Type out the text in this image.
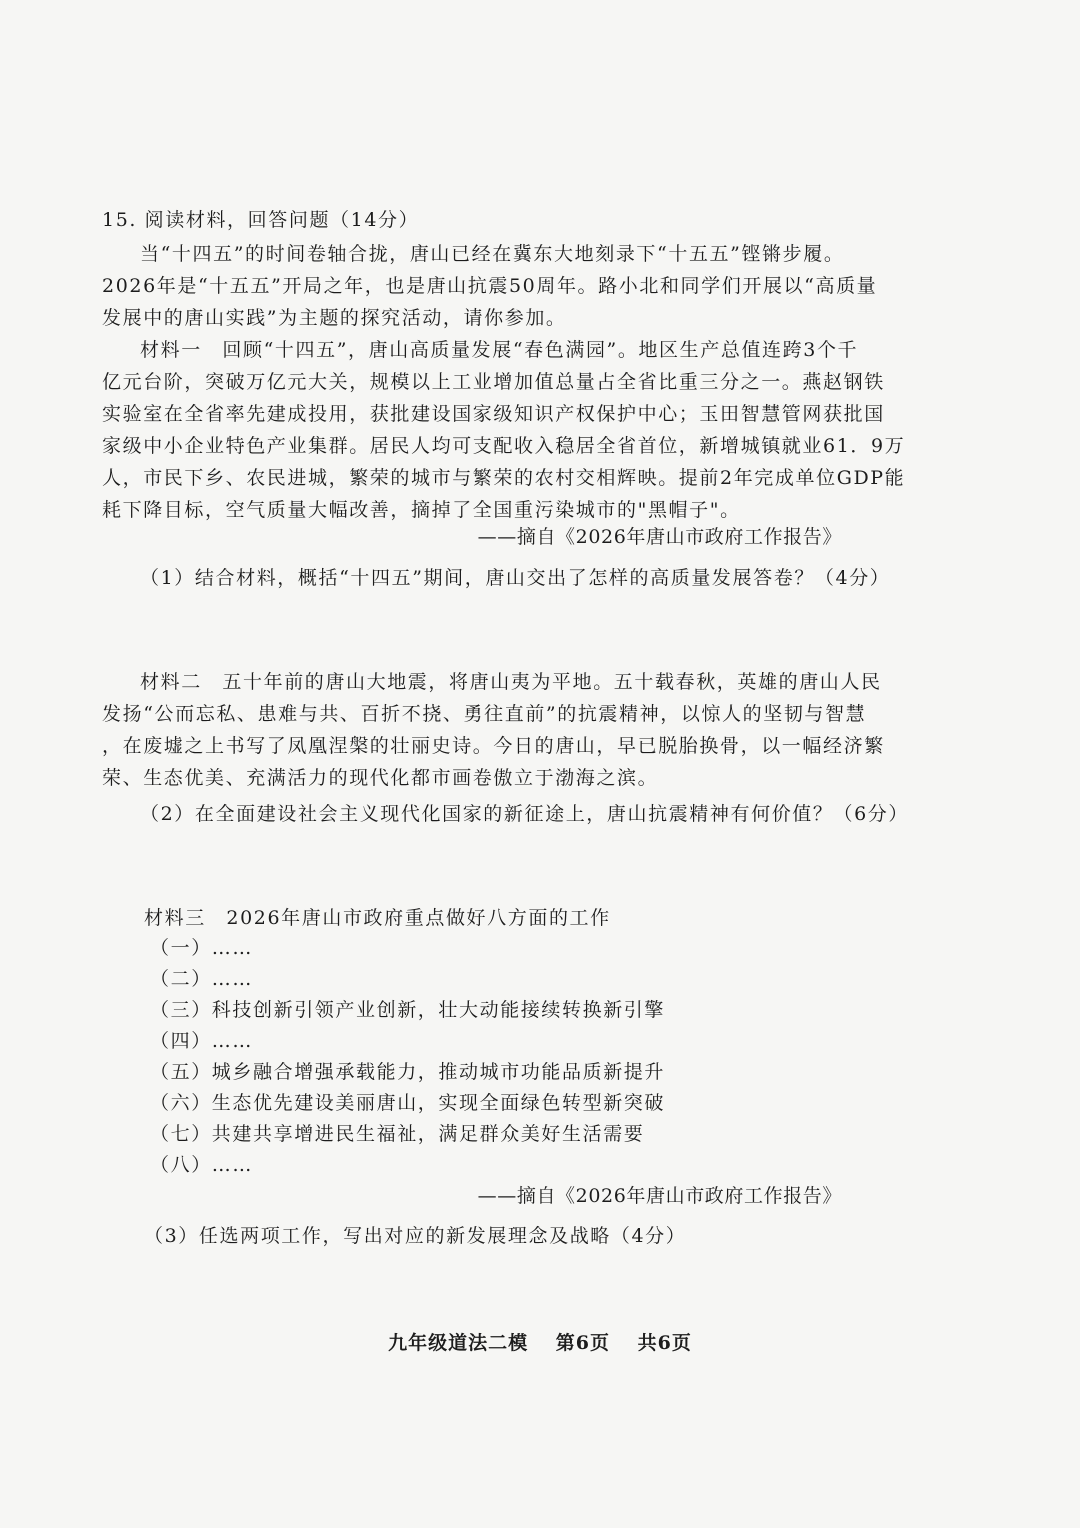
15. 阅读材料，回答问题（14分）
当“十四五”的时间卷轴合拢，唐山已经在冀东大地刻录下“十五五”铿锵步履。
2026年是“十五五”开局之年，也是唐山抗震50周年。路小北和同学们开展以“高质量
发展中的唐山实践”为主题的探究活动，请你参加。
材料一　回顾“十四五”，唐山高质量发展“春色满园”。地区生产总值连跨3个千
亿元台阶，突破万亿元大关，规模以上工业增加值总量占全省比重三分之一。燕赵钢铁
实验室在全省率先建成投用，获批建设国家级知识产权保护中心；玉田智慧管网获批国
家级中小企业特色产业集群。居民人均可支配收入稳居全省首位，新增城镇就业61．9万
人，市民下乡、农民进城，繁荣的城市与繁荣的农村交相辉映。提前2年完成单位GDP能
耗下降目标，空气质量大幅改善，摘掉了全国重污染城市的"黑帽子"。
——摘自《2026年唐山市政府工作报告》
（1）结合材料，概括“十四五”期间，唐山交出了怎样的高质量发展答卷？（4分）
材料二　五十年前的唐山大地震，将唐山夷为平地。五十载春秋，英雄的唐山人民
发扬“公而忘私、患难与共、百折不挠、勇往直前”的抗震精神，以惊人的坚韧与智慧
，在废墟之上书写了凤凰涅槃的壮丽史诗。今日的唐山，早已脱胎换骨，以一幅经济繁
荣、生态优美、充满活力的现代化都市画卷傲立于渤海之滨。
（2）在全面建设社会主义现代化国家的新征途上，唐山抗震精神有何价值？（6分）
材料三　2026年唐山市政府重点做好八方面的工作
（一）……
（二）……
（三）科技创新引领产业创新，壮大动能接续转换新引擎
（四）……
（五）城乡融合增强承载能力，推动城市功能品质新提升
（六）生态优先建设美丽唐山，实现全面绿色转型新突破
（七）共建共享增进民生福祉，满足群众美好生活需要
（八）……
——摘自《2026年唐山市政府工作报告》
（3）任选两项工作，写出对应的新发展理念及战略（4分）
九年级道法二模 第6页 共6页
